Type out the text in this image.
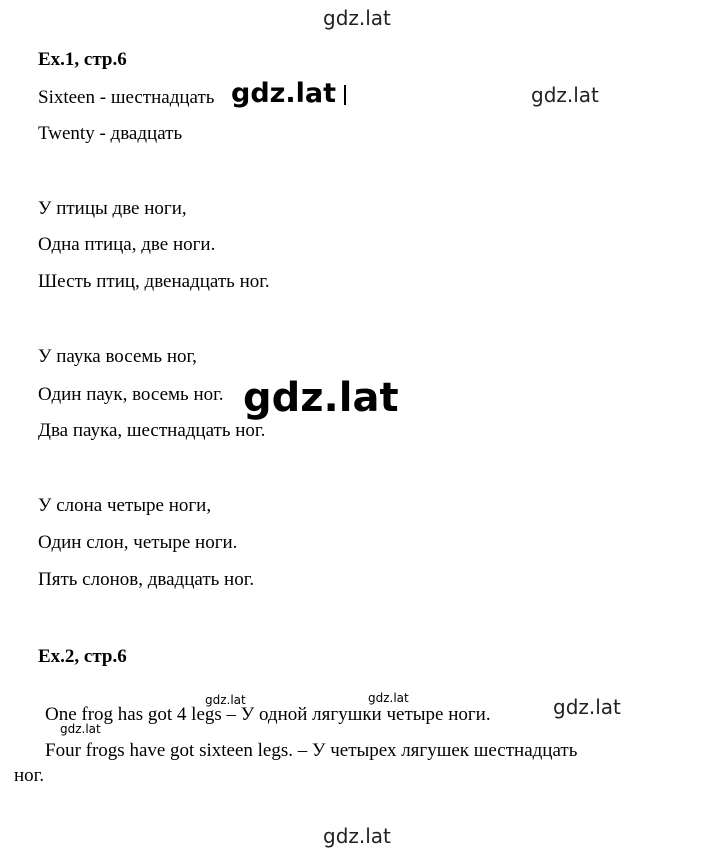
gdz.lat
Ex.1, стр.6
Sixteen - шестнадцать gdz.lat	gdz.lat
Twenty - двадцать
У птицы две ноги,
Одна птица, две ноги.
Шесть птиц, двенадцать ног.
У паука восемь ног,
Один паук, восемь ног.
Два паука, шестнадцать ног.
gdz.lat
У слона четыре ноги,
Один слон, четыре ноги.
Пять слонов, двадцать ног.
Ex.2, стр.6
gdz.lat	gdz.lat
One frog has got 4 legs – У одной лягушки четыре ноги.	gdz.lat
gdz.lat
Four frogs have got sixteen legs. – У четырех лягушек шестнадцать
ног.
gdz.lat
